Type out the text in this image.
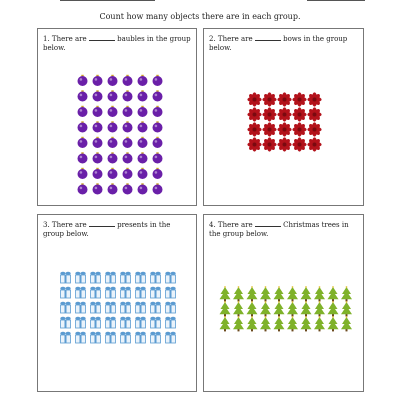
Count how many objects there are in each group.
1. There are	baubles in the group below.
2. There are	bows in the group below.
3. There are	presents in the group below.
4. There are	Christmas trees in the group below.
